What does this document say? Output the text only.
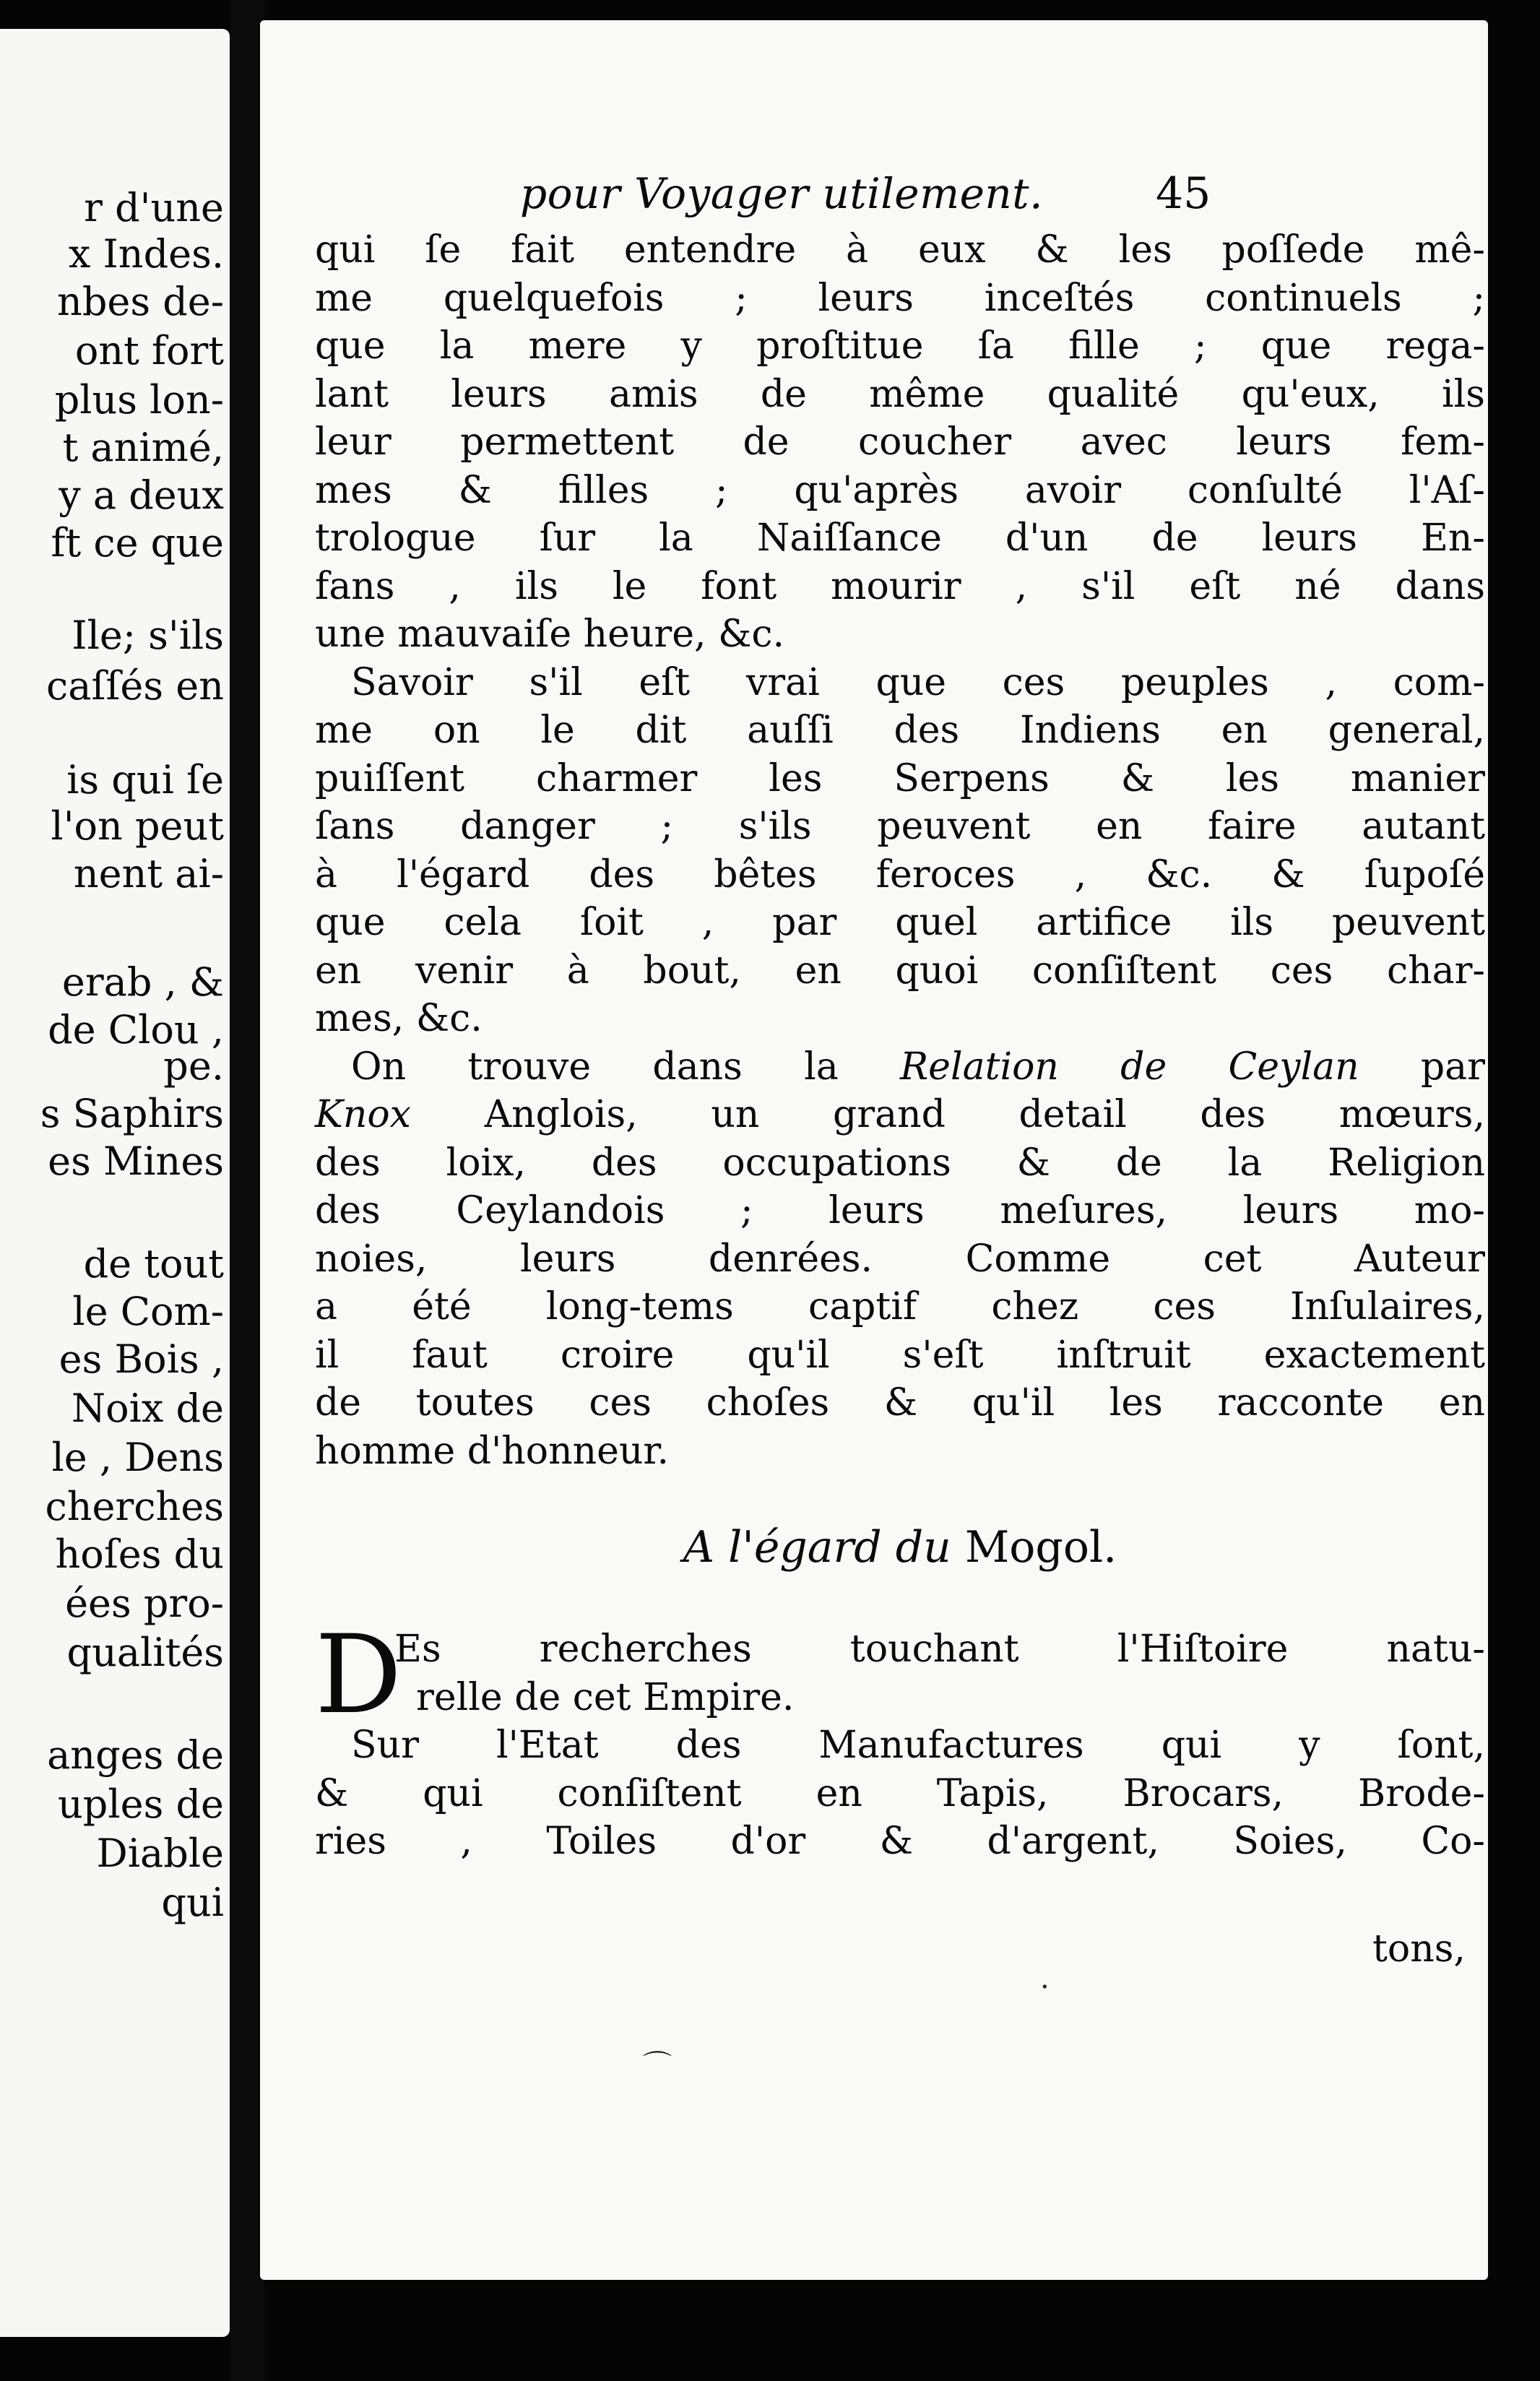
r d'une
x Indes.
nbes de-
ont fort
plus lon-
t animé,
y a deux
ft ce que
Ile; s'ils
caſſés en
is qui ſe
l'on peut
nent ai-
erab , &
de Clou ,
pe.
s Saphirs
es Mines
de tout
le Com-
es Bois ,
Noix de
le , Dens
cherches
hoſes du
ées pro-
qualités
anges de
uples de
Diable
qui
pour Voyager utilement.	45
qui ſe fait entendre à eux & les poſſede mê-
me quelquefois ; leurs inceſtés continuels ;
que la mere y proſtitue ſa fille ; que rega-
lant leurs amis de même qualité qu'eux, ils
leur permettent de coucher avec leurs fem-
mes & filles ; qu'après avoir conſulté l'Aſ-
trologue ſur la Naiſſance d'un de leurs En-
fans , ils le font mourir , s'il eſt né dans
une mauvaiſe heure, &c.
Savoir s'il eſt vrai que ces peuples , com-
me on le dit auſſi des Indiens en general,
puiſſent charmer les Serpens & les manier
ſans danger ; s'ils peuvent en faire autant
à l'égard des bêtes feroces , &c. & ſupoſé
que cela ſoit , par quel artifice ils peuvent
en venir à bout, en quoi conſiſtent ces char-
mes, &c.
On trouve dans la Relation de Ceylan par
Knox Anglois, un grand detail des mœurs,
des loix, des occupations & de la Religion
des Ceylandois ; leurs meſures, leurs mo-
noies, leurs denrées. Comme cet Auteur
a été long-tems captif chez ces Inſulaires,
il faut croire qu'il s'eſt inſtruit exactement
de toutes ces choſes & qu'il les racconte en
homme d'honneur.
A l'égard du Mogol.
D
Es recherches touchant l'Hiſtoire natu-
relle de cet Empire.
Sur l'Etat des Manufactures qui y ſont,
& qui conſiſtent en Tapis, Brocars, Brode-
ries , Toiles d'or & d'argent, Soies, Co-
tons,
·
⌒
